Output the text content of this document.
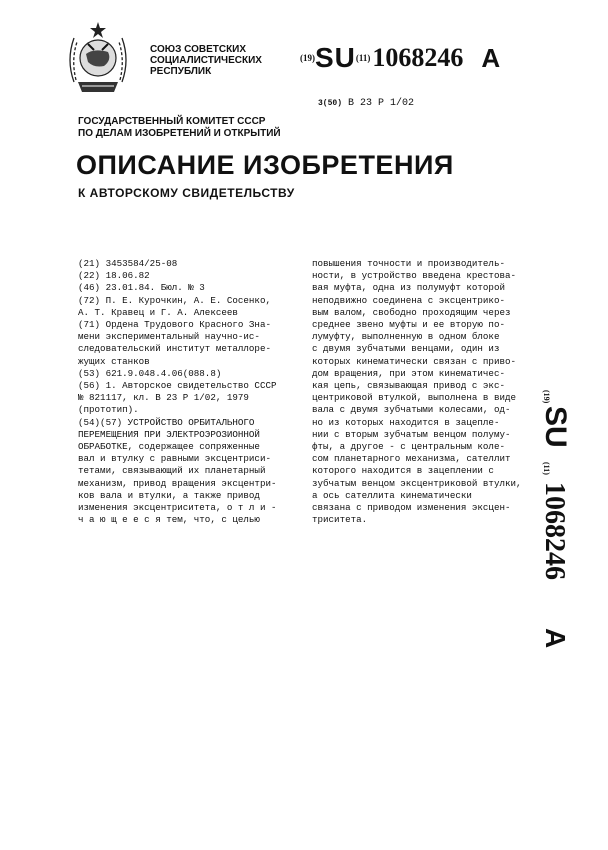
СОЮЗ СОВЕТСКИХ
СОЦИАЛИСТИЧЕСКИХ
РЕСПУБЛИК
(19)SU(11)1068246 A
3(50) В 23 Р 1/02
ГОСУДАРСТВЕННЫЙ КОМИТЕТ СССР
ПО ДЕЛАМ ИЗОБРЕТЕНИЙ И ОТКРЫТИЙ
ОПИСАНИЕ ИЗОБРЕТЕНИЯ
К АВТОРСКОМУ СВИДЕТЕЛЬСТВУ
(21) 3453584/25-08
(22) 18.06.82
(46) 23.01.84. Бюл. № 3
(72) П. Е. Курочкин, А. Е. Сосенко,
А. Т. Кравец и Г. А. Алексеев
(71) Ордена Трудового Красного Зна-
мени экспериментальный научно-ис-
следовательский институт металлоре-
жущих станков
(53) 621.9.048.4.06(088.8)
(56) 1. Авторское свидетельство СССР
№ 821117, кл. В 23 Р 1/02, 1979
(прототип).
(54)(57) УСТРОЙСТВО ОРБИТАЛЬНОГО
ПЕРЕМЕЩЕНИЯ ПРИ ЭЛЕКТРОЭРОЗИОННОЙ
ОБРАБОТКЕ, содержащее сопряженные
вал и втулку с равными эксцентриси-
тетами, связывающий их планетарный
механизм, привод вращения эксцентри-
ков вала и втулки, а также привод
изменения эксцентриситета, о т л и -
ч а ю щ е е с я тем, что, с целью
повышения точности и производитель-
ности, в устройство введена крестова-
вая муфта, одна из полумуфт которой
неподвижно соединена с эксцентрико-
вым валом, свободно проходящим через
среднее звено муфты и ее вторую по-
лумуфту, выполненную в одном блоке
с двумя зубчатыми венцами, один из
которых кинематически связан с приво-
дом вращения, при этом кинематичес-
кая цепь, связывающая привод с экс-
центриковой втулкой, выполнена в виде
вала с двумя зубчатыми колесами, од-
но из которых находится в зацепле-
нии с вторым зубчатым венцом полуму-
фты, а другое - с центральным коле-
сом планетарного механизма, сателлит
которого находится в зацеплении с
зубчатым венцом эксцентриковой втулки,
а ось сателлита кинематически
связана с приводом изменения эксцен-
триситета.
(19)
SU
(11)
1068246
A
